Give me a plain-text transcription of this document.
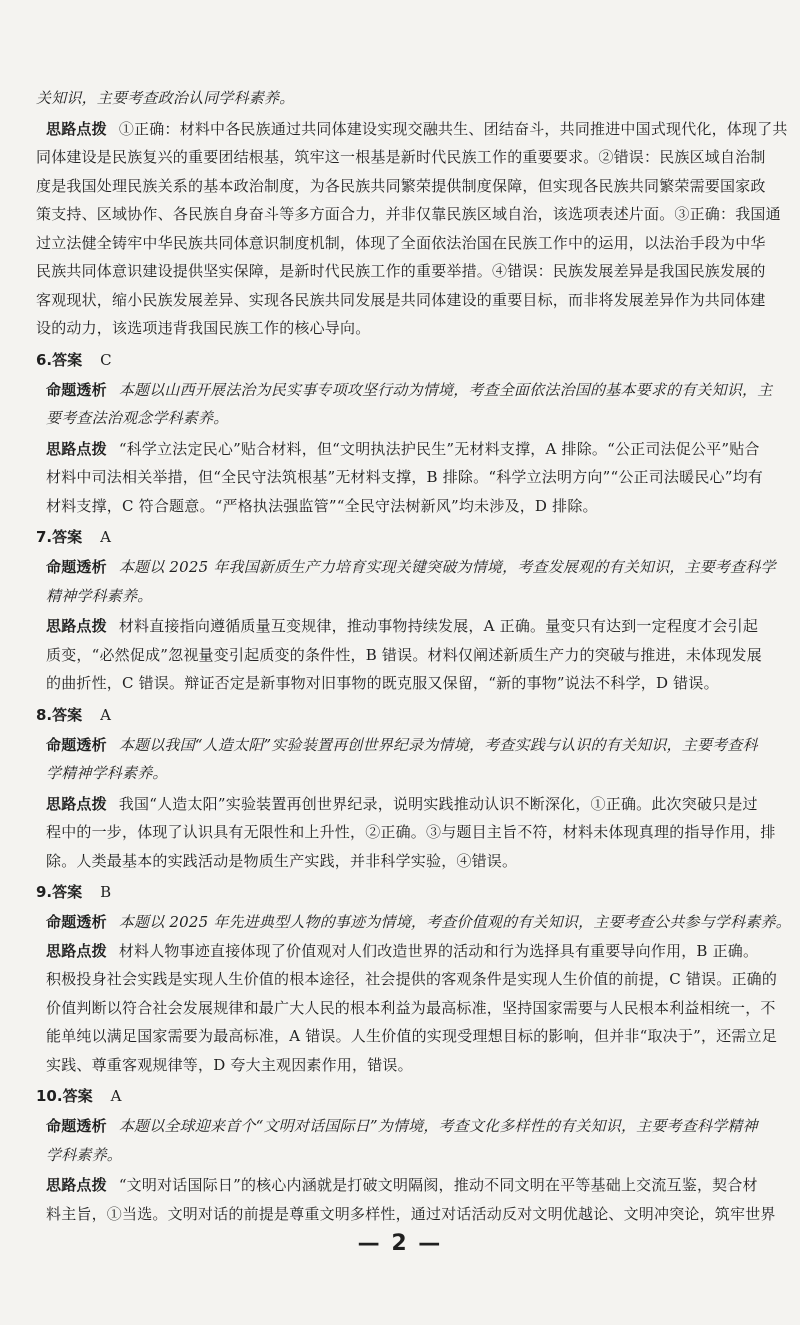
关知识，主要考查政治认同学科素养。
思路点拨 ①正确：材料中各民族通过共同体建设实现交融共生、团结奋斗，共同推进中国式现代化，体现了共
同体建设是民族复兴的重要团结根基，筑牢这一根基是新时代民族工作的重要要求。②错误：民族区域自治制
度是我国处理民族关系的基本政治制度，为各民族共同繁荣提供制度保障，但实现各民族共同繁荣需要国家政
策支持、区域协作、各民族自身奋斗等多方面合力，并非仅靠民族区域自治，该选项表述片面。③正确：我国通
过立法健全铸牢中华民族共同体意识制度机制，体现了全面依法治国在民族工作中的运用，以法治手段为中华
民族共同体意识建设提供坚实保障，是新时代民族工作的重要举措。④错误：民族发展差异是我国民族发展的
客观现状，缩小民族发展差异、实现各民族共同发展是共同体建设的重要目标，而非将发展差异作为共同体建
设的动力，该选项违背我国民族工作的核心导向。
6.答案 C
命题透析 本题以山西开展法治为民实事专项攻坚行动为情境，考查全面依法治国的基本要求的有关知识，主
要考查法治观念学科素养。
思路点拨 “科学立法定民心”贴合材料，但“文明执法护民生”无材料支撑，A 排除。“公正司法促公平”贴合
材料中司法相关举措，但“全民守法筑根基”无材料支撑，B 排除。“科学立法明方向”“公正司法暖民心”均有
材料支撑，C 符合题意。“严格执法强监管”“全民守法树新风”均未涉及，D 排除。
7.答案 A
命题透析 本题以 2025 年我国新质生产力培育实现关键突破为情境，考查发展观的有关知识，主要考查科学
精神学科素养。
思路点拨 材料直接指向遵循质量互变规律，推动事物持续发展，A 正确。量变只有达到一定程度才会引起
质变，“必然促成”忽视量变引起质变的条件性，B 错误。材料仅阐述新质生产力的突破与推进，未体现发展
的曲折性，C 错误。辩证否定是新事物对旧事物的既克服又保留，“新的事物”说法不科学，D 错误。
8.答案 A
命题透析 本题以我国“人造太阳”实验装置再创世界纪录为情境，考查实践与认识的有关知识，主要考查科
学精神学科素养。
思路点拨 我国“人造太阳”实验装置再创世界纪录，说明实践推动认识不断深化，①正确。此次突破只是过
程中的一步，体现了认识具有无限性和上升性，②正确。③与题目主旨不符，材料未体现真理的指导作用，排
除。人类最基本的实践活动是物质生产实践，并非科学实验，④错误。
9.答案 B
命题透析 本题以 2025 年先进典型人物的事迹为情境，考查价值观的有关知识，主要考查公共参与学科素养。
思路点拨 材料人物事迹直接体现了价值观对人们改造世界的活动和行为选择具有重要导向作用，B 正确。
积极投身社会实践是实现人生价值的根本途径，社会提供的客观条件是实现人生价值的前提，C 错误。正确的
价值判断以符合社会发展规律和最广大人民的根本利益为最高标准，坚持国家需要与人民根本利益相统一，不
能单纯以满足国家需要为最高标准，A 错误。人生价值的实现受理想目标的影响，但并非“取决于”，还需立足
实践、尊重客观规律等，D 夸大主观因素作用，错误。
10.答案 A
命题透析 本题以全球迎来首个“文明对话国际日”为情境，考查文化多样性的有关知识，主要考查科学精神
学科素养。
思路点拨 “文明对话国际日”的核心内涵就是打破文明隔阂，推动不同文明在平等基础上交流互鉴，契合材
料主旨，①当选。文明对话的前提是尊重文明多样性，通过对话活动反对文明优越论、文明冲突论，筑牢世界
— 2 —
